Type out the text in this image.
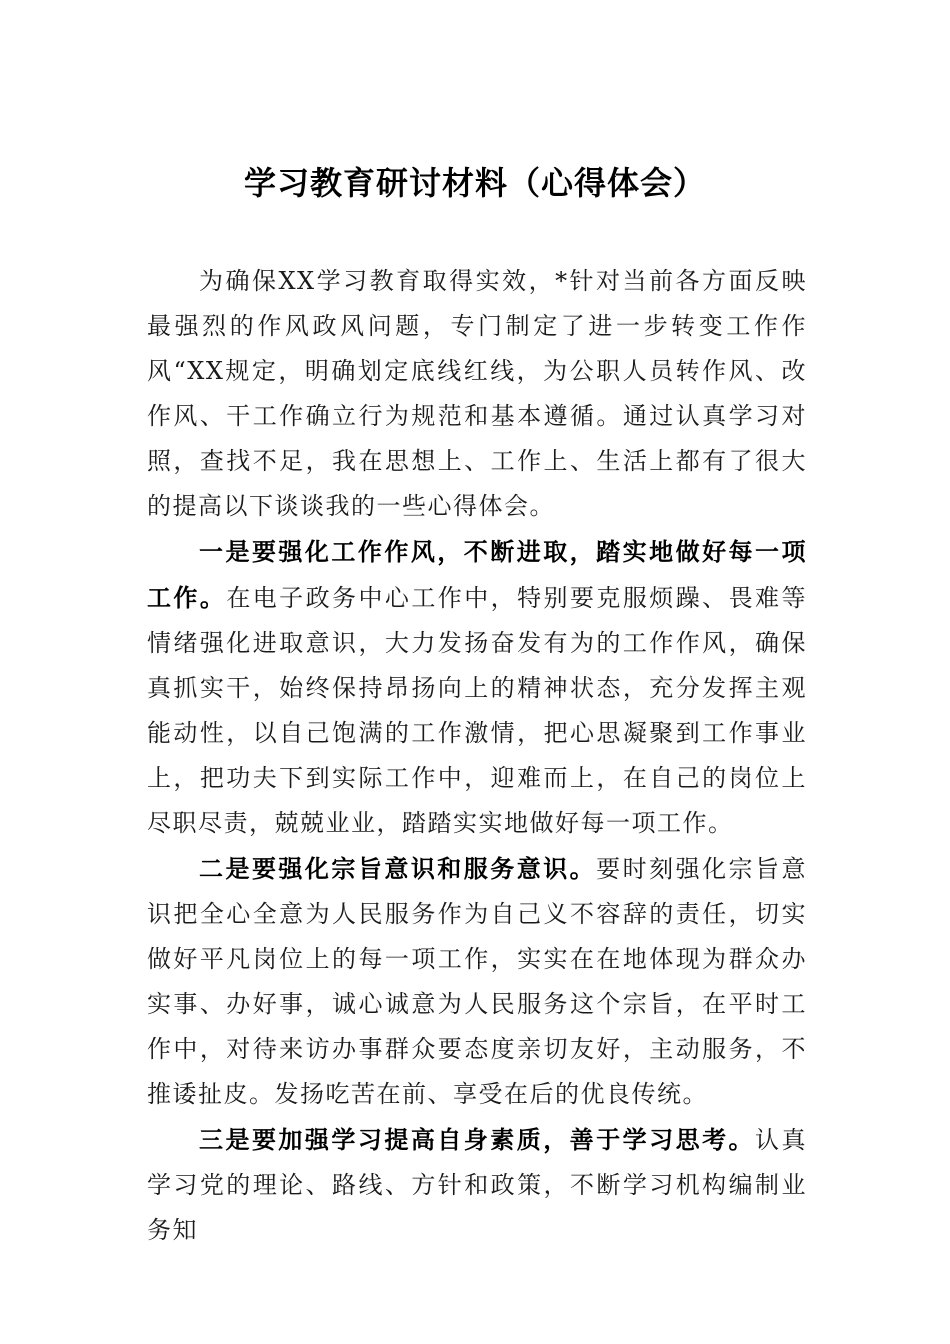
学习教育研讨材料（心得体会）

为确保XX学习教育取得实效，*针对当前各方面反映最强烈的作风政风问题，专门制定了进一步转变工作作风“XX规定，明确划定底线红线，为公职人员转作风、改作风、干工作确立行为规范和基本遵循。通过认真学习对照，查找不足，我在思想上、工作上、生活上都有了很大的提高以下谈谈我的一些心得体会。

一是要强化工作作风，不断进取，踏实地做好每一项工作。在电子政务中心工作中，特别要克服烦躁、畏难等情绪强化进取意识，大力发扬奋发有为的工作作风，确保真抓实干，始终保持昂扬向上的精神状态，充分发挥主观能动性，以自己饱满的工作激情，把心思凝聚到工作事业上，把功夫下到实际工作中，迎难而上，在自己的岗位上尽职尽责，兢兢业业，踏踏实实地做好每一项工作。

二是要强化宗旨意识和服务意识。要时刻强化宗旨意识把全心全意为人民服务作为自己义不容辞的责任，切实做好平凡岗位上的每一项工作，实实在在地体现为群众办实事、办好事，诚心诚意为人民服务这个宗旨，在平时工作中，对待来访办事群众要态度亲切友好，主动服务，不推诿扯皮。发扬吃苦在前、享受在后的优良传统。

三是要加强学习提高自身素质，善于学习思考。认真学习党的理论、路线、方针和政策，不断学习机构编制业务知
